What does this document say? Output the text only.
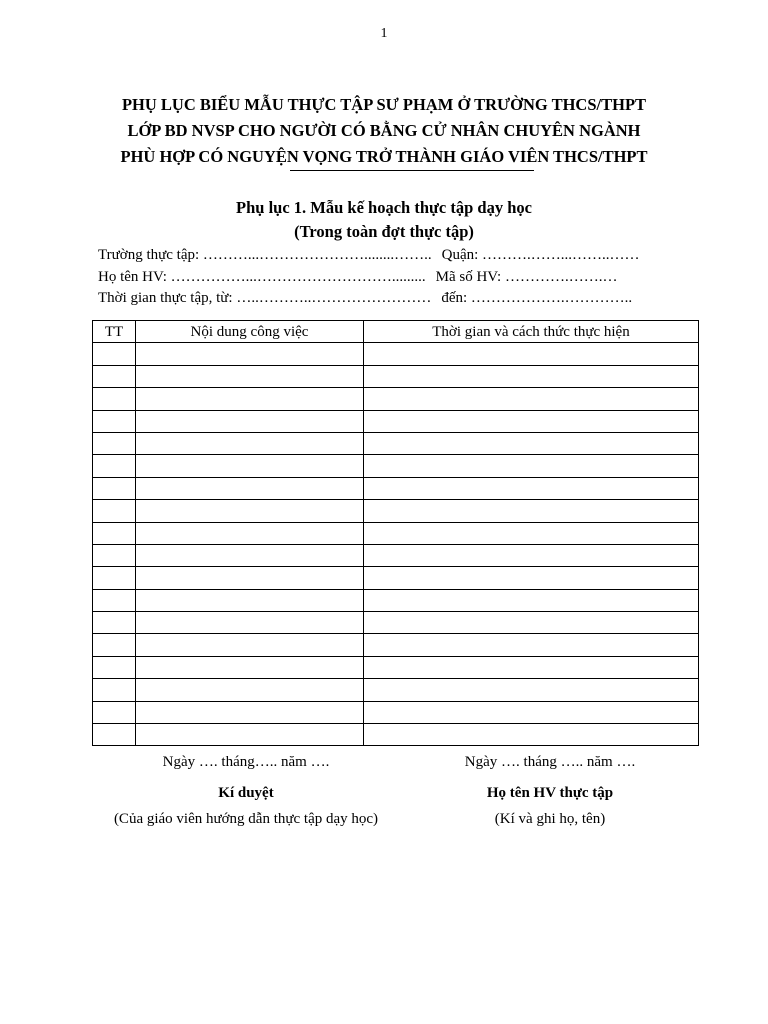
1
PHỤ LỤC BIỂU MẪU THỰC TẬP SƯ PHẠM Ở TRƯỜNG THCS/THPT
LỚP BD NVSP CHO NGƯỜI CÓ BẰNG CỬ NHÂN CHUYÊN NGÀNH
PHÙ HỢP CÓ NGUYỆN VỌNG TRỞ THÀNH GIÁO VIÊN THCS/THPT
Phụ lục 1. Mẫu kế hoạch thực tập dạy học
(Trong toàn đợt thực tập)
Trường thực tập: ………...…………………........…….. Quận: ……….……...……..……
Họ tên HV: ……………...………………………......... Mã số HV: ………….…….…
Thời gian thực tập, từ: …..………..…………………… đến: ……………….…………..
TT	Nội dung công việc	Thời gian và cách thức thực hiện

Ngày …. tháng….. năm ….
Kí duyệt
(Của giáo viên hướng dẫn thực tập dạy học)
Ngày …. tháng ….. năm ….
Họ tên HV thực tập
(Kí và ghi họ, tên)
